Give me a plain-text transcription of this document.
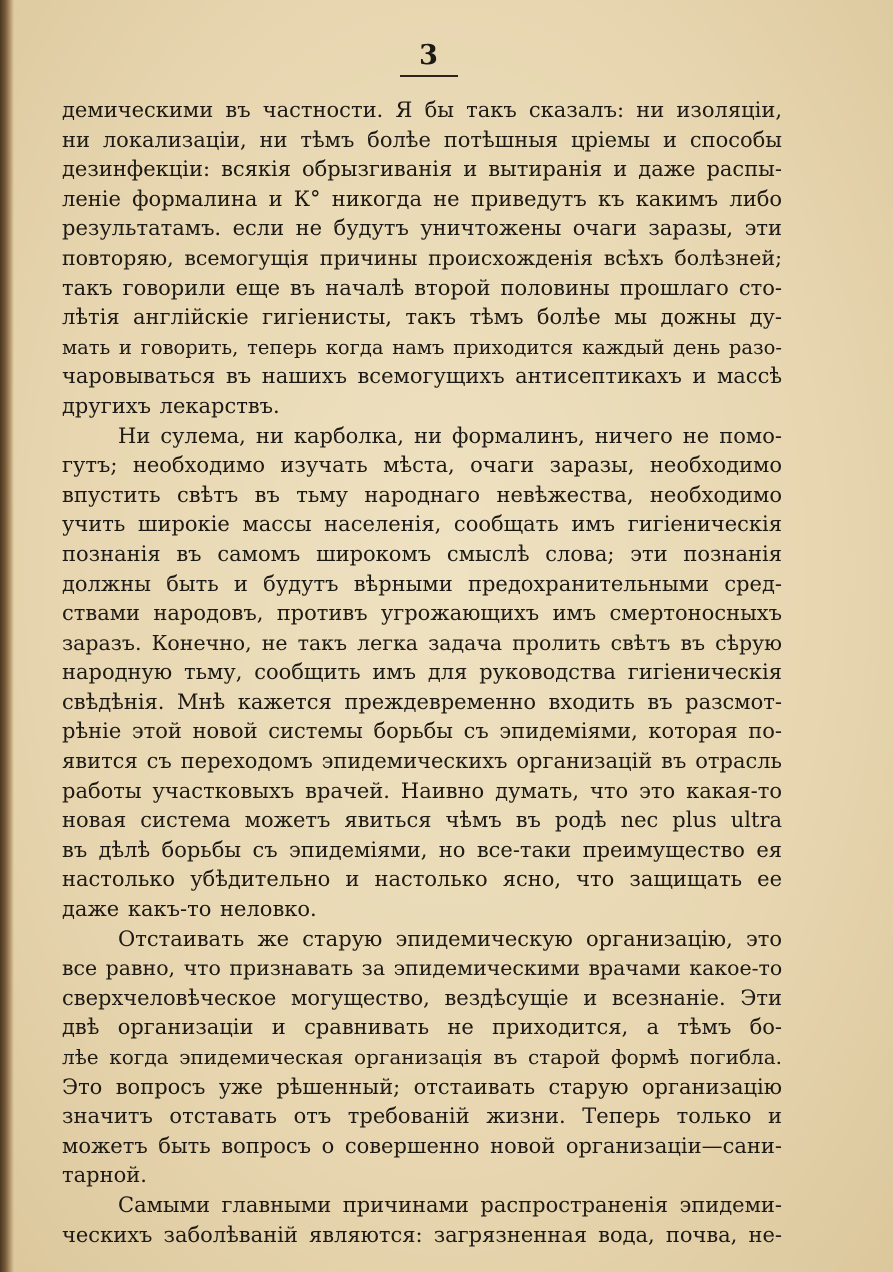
3
демическими въ частности. Я бы такъ сказалъ: ни изоляціи,
ни локализаціи, ни тѣмъ болѣе потѣшныя цріемы и способы
дезинфекціи: всякія обрызгиванія и вытиранія и даже распы-
леніе формалина и К° никогда не приведутъ къ какимъ либо
результатамъ. если не будутъ уничтожены очаги заразы, эти
повторяю, всемогущія причины происхожденія всѣхъ болѣзней;
такъ говорили еще въ началѣ второй половины прошлаго сто-
лѣтія англійскіе гигіенисты, такъ тѣмъ болѣе мы дожны ду-
мать и говорить, теперь когда намъ приходится каждый день разо-
чаровываться въ нашихъ всемогущихъ антисептикахъ и массѣ
другихъ лекарствъ.
Ни сулема, ни карболка, ни формалинъ, ничего не помо-
гутъ; необходимо изучать мѣста, очаги заразы, необходимо
впустить свѣтъ въ тьму народнаго невѣжества, необходимо
учить широкіе массы населенія, сообщать имъ гигіеническія
познанія въ самомъ широкомъ смыслѣ слова; эти познанія
должны быть и будутъ вѣрными предохранительными сред-
ствами народовъ, противъ угрожающихъ имъ смертоносныхъ
заразъ. Конечно, не такъ легка задача пролить свѣтъ въ сѣрую
народную тьму, сообщить имъ для руководства гигіеническія
свѣдѣнія. Мнѣ кажется преждевременно входить въ разсмот-
рѣніе этой новой системы борьбы съ эпидеміями, которая по-
явится съ переходомъ эпидемическихъ организацій въ отрасль
работы участковыхъ врачей. Наивно думать, что это какая-то
новая система можетъ явиться чѣмъ въ родѣ nec plus ultra
въ дѣлѣ борьбы съ эпидеміями, но все-таки преимущество ея
настолько убѣдительно и настолько ясно, что защищать ее
даже какъ-то неловко.
Отстаивать же старую эпидемическую организацію, это
все равно, что признавать за эпидемическими врачами какое-то
сверхчеловѣческое могущество, вездѣсущіе и всезнаніе. Эти
двѣ организаціи и сравнивать не приходится, а тѣмъ бо-
лѣе когда эпидемическая организація въ старой формѣ погибла.
Это вопросъ уже рѣшенный; отстаивать старую организацію
значитъ отставать отъ требованій жизни. Теперь только и
можетъ быть вопросъ о совершенно новой организаціи—сани-
тарной.
Самыми главными причинами распространенія эпидеми-
ческихъ заболѣваній являются: загрязненная вода, почва, не-
